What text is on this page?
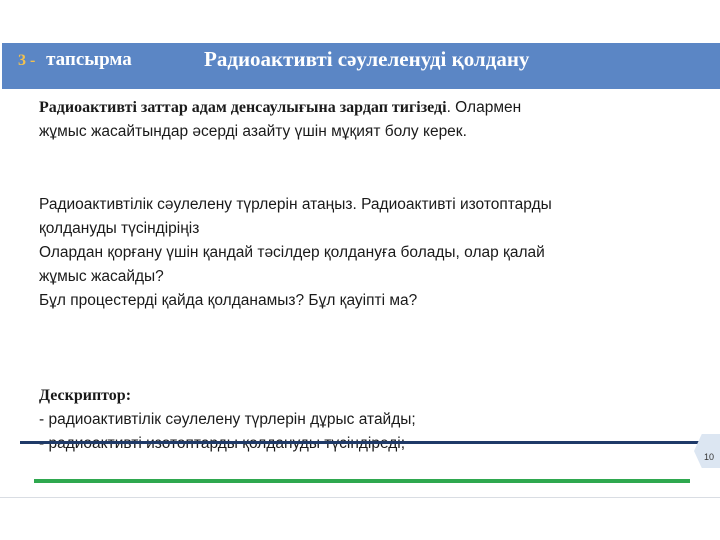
3 - тапсырма	Радиоактивті сәулеленуді қолдану
Радиоактивті заттар адам денсаулығына зардап тигізеді. Олармен
жұмыс жасайтындар әсерді азайту үшін мұқият болу керек.
Радиоактивтілік сәулелену түрлерін атаңыз. Радиоактивті изотоптарды
қолдануды түсіндіріңіз
Олардан қорғану үшін қандай тәсілдер қолдануға болады, олар қалай
жұмыс жасайды?
Бұл процестерді қайда қолданамыз? Бұл қауіпті ма?
Дескриптор:
- радиоактивтілік сәулелену түрлерін дұрыс атайды;
10
